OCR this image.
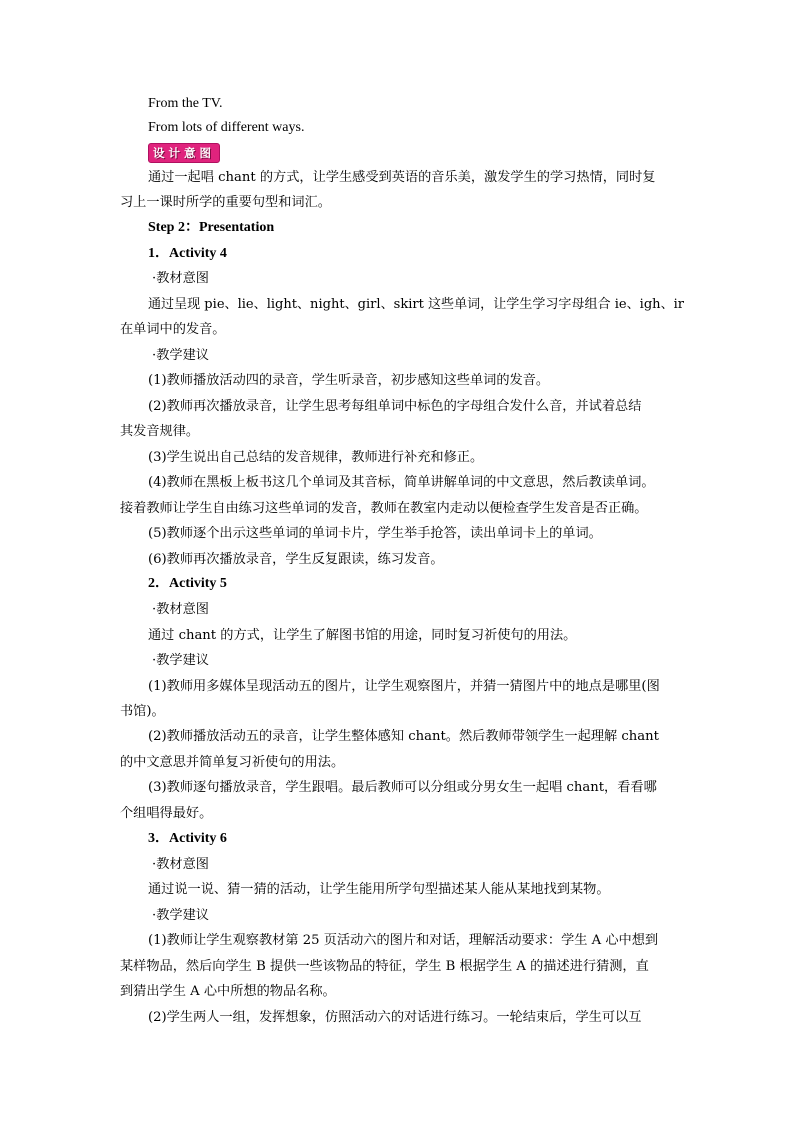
From the TV.
From lots of different ways.
设计意图
通过一起唱 chant 的方式，让学生感受到英语的音乐美，激发学生的学习热情，同时复
习上一课时所学的重要句型和词汇。
Step 2：Presentation
1．Activity 4
·教材意图
通过呈现 pie、lie、light、night、girl、skirt 这些单词，让学生学习字母组合 ie、igh、ir
在单词中的发音。
·教学建议
(1)教师播放活动四的录音，学生听录音，初步感知这些单词的发音。
(2)教师再次播放录音，让学生思考每组单词中标色的字母组合发什么音，并试着总结
其发音规律。
(3)学生说出自己总结的发音规律，教师进行补充和修正。
(4)教师在黑板上板书这几个单词及其音标，简单讲解单词的中文意思，然后教读单词。
接着教师让学生自由练习这些单词的发音，教师在教室内走动以便检查学生发音是否正确。
(5)教师逐个出示这些单词的单词卡片，学生举手抢答，读出单词卡上的单词。
(6)教师再次播放录音，学生反复跟读，练习发音。
2．Activity 5
·教材意图
通过 chant 的方式，让学生了解图书馆的用途，同时复习祈使句的用法。
·教学建议
(1)教师用多媒体呈现活动五的图片，让学生观察图片，并猜一猜图片中的地点是哪里(图
书馆)。
(2)教师播放活动五的录音，让学生整体感知 chant。然后教师带领学生一起理解 chant
的中文意思并简单复习祈使句的用法。
(3)教师逐句播放录音，学生跟唱。最后教师可以分组或分男女生一起唱 chant，看看哪
个组唱得最好。
3．Activity 6
·教材意图
通过说一说、猜一猜的活动，让学生能用所学句型描述某人能从某地找到某物。
·教学建议
(1)教师让学生观察教材第 25 页活动六的图片和对话，理解活动要求：学生 A 心中想到
某样物品，然后向学生 B 提供一些该物品的特征，学生 B 根据学生 A 的描述进行猜测，直
到猜出学生 A 心中所想的物品名称。
(2)学生两人一组，发挥想象，仿照活动六的对话进行练习。一轮结束后，学生可以互
